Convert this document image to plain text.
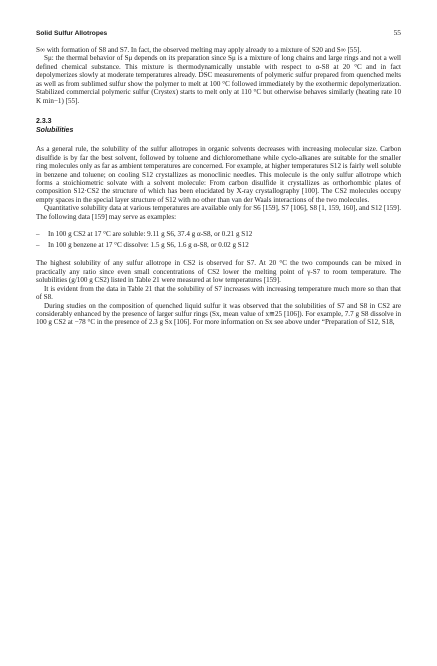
Solid Sulfur Allotropes	55

S∞ with formation of S8 and S7. In fact, the observed melting may apply already to a mixture of S20 and S∞ [55].

Sμ: the thermal behavior of Sμ depends on its preparation since Sμ is a mixture of long chains and large rings and not a well defined chemical substance. This mixture is thermodynamically unstable with respect to α-S8 at 20 °C and in fact depolymerizes slowly at moderate temperatures already. DSC measurements of polymeric sulfur prepared from quenched melts as well as from sublimed sulfur show the polymer to melt at 100 °C followed immediately by the exothermic depolymerization. Stabilized commercial polymeric sulfur (Crystex) starts to melt only at 110 °C but otherwise behaves similarly (heating rate 10 K min−1) [55].

2.3.3
Solubilities

As a general rule, the solubility of the sulfur allotropes in organic solvents decreases with increasing molecular size. Carbon disulfide is by far the best solvent, followed by toluene and dichloromethane while cyclo-alkanes are suitable for the smaller ring molecules only as far as ambient temperatures are concerned. For example, at higher temperatures S12 is fairly well soluble in benzene and toluene; on cooling S12 crystallizes as monoclinic needles. This molecule is the only sulfur allotrope which forms a stoichiometric solvate with a solvent molecule: From carbon disulfide it crystallizes as orthorhombic plates of composition S12·CS2 the structure of which has been elucidated by X-ray crystallography [100]. The CS2 molecules occupy empty spaces in the special layer structure of S12 with no other than van der Waals interactions of the two molecules.

Quantitative solubility data at various temperatures are available only for S6 [159], S7 [106], S8 [1, 159, 160], and S12 [159]. The following data [159] may serve as examples:

–	In 100 g CS2 at 17 °C are soluble: 9.11 g S6, 37.4 g α-S8, or 0.21 g S12
–	In 100 g benzene at 17 °C dissolve: 1.5 g S6, 1.6 g α-S8, or 0.02 g S12

The highest solubility of any sulfur allotrope in CS2 is observed for S7. At 20 °C the two compounds can be mixed in practically any ratio since even small concentrations of CS2 lower the melting point of γ-S7 to room temperature. The solubilities (g/100 g CS2) listed in Table 21 were measured at low temperatures [159].

It is evident from the data in Table 21 that the solubility of S7 increases with increasing temperature much more so than that of S8.

During studies on the composition of quenched liquid sulfur it was observed that the solubilities of S7 and S8 in CS2 are considerably enhanced by the presence of larger sulfur rings (Sx, mean value of x≅25 [106]). For example, 7.7 g S8 dissolve in 100 g CS2 at −78 °C in the presence of 2.3 g Sx [106]. For more information on Sx see above under “Preparation of S12, S18,
